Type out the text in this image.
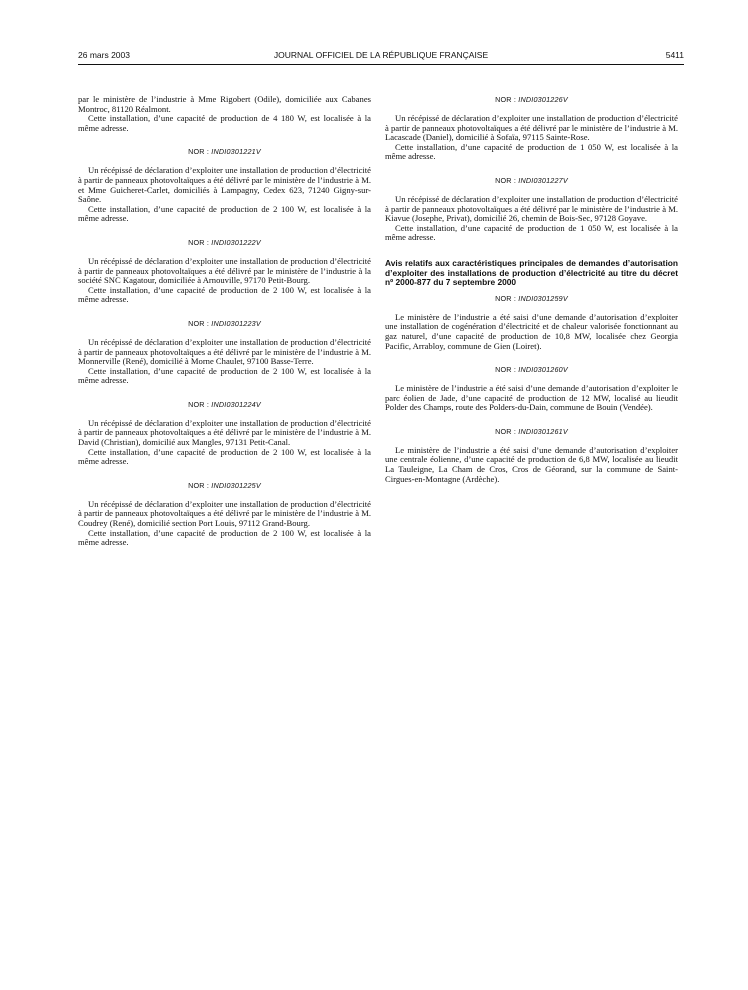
26 mars 2003	JOURNAL OFFICIEL DE LA RÉPUBLIQUE FRANÇAISE	5411

par le ministère de l’industrie à Mme Rigobert (Odile), domiciliée aux Cabanes Montroc, 81120 Réalmont.

Cette installation, d’une capacité de production de 4 180 W, est localisée à la même adresse.

NOR : INDI0301221V

Un récépissé de déclaration d’exploiter une installation de production d’électricité à partir de panneaux photovoltaïques a été délivré par le ministère de l’industrie à M. et Mme Guicheret-Carlet, domiciliés à Lampagny, Cedex 623, 71240 Gigny-sur-Saône.

Cette installation, d’une capacité de production de 2 100 W, est localisée à la même adresse.

NOR : INDI0301222V

Un récépissé de déclaration d’exploiter une installation de production d’électricité à partir de panneaux photovoltaïques a été délivré par le ministère de l’industrie à la société SNC Kagatour, domiciliée à Arnouville, 97170 Petit-Bourg.

Cette installation, d’une capacité de production de 2 100 W, est localisée à la même adresse.

NOR : INDI0301223V

Un récépissé de déclaration d’exploiter une installation de production d’électricité à partir de panneaux photovoltaïques a été délivré par le ministère de l’industrie à M. Monnerville (René), domicilié à Morne Chaulet, 97100 Basse-Terre.

Cette installation, d’une capacité de production de 2 100 W, est localisée à la même adresse.

NOR : INDI0301224V

Un récépissé de déclaration d’exploiter une installation de production d’électricité à partir de panneaux photovoltaïques a été délivré par le ministère de l’industrie à M. David (Christian), domicilié aux Mangles, 97131 Petit-Canal.

Cette installation, d’une capacité de production de 2 100 W, est localisée à la même adresse.

NOR : INDI0301225V

Un récépissé de déclaration d’exploiter une installation de production d’électricité à partir de panneaux photovoltaïques a été délivré par le ministère de l’industrie à M. Coudrey (René), domicilié section Port Louis, 97112 Grand-Bourg.

Cette installation, d’une capacité de production de 2 100 W, est localisée à la même adresse.

NOR : INDI0301226V

Un récépissé de déclaration d’exploiter une installation de production d’électricité à partir de panneaux photovoltaïques a été délivré par le ministère de l’industrie à M. Lacascade (Daniel), domicilié à Sofaïa, 97115 Sainte-Rose.

Cette installation, d’une capacité de production de 1 050 W, est localisée à la même adresse.

NOR : INDI0301227V

Un récépissé de déclaration d’exploiter une installation de production d’électricité à partir de panneaux photovoltaïques a été délivré par le ministère de l’industrie à M. Kiavue (Josephe, Privat), domicilié 26, chemin de Bois-Sec, 97128 Goyave.

Cette installation, d’une capacité de production de 1 050 W, est localisée à la même adresse.

Avis relatifs aux caractéristiques principales de demandes d’autorisation d’exploiter des installations de production d’électricité au titre du décret nº 2000-877 du 7 septembre 2000
NOR : INDI0301259V

Le ministère de l’industrie a été saisi d’une demande d’autorisation d’exploiter une installation de cogénération d’électricité et de chaleur valorisée fonctionnant au gaz naturel, d’une capacité de production de 10,8 MW, localisée chez Georgia Pacific, Arrabloy, commune de Gien (Loiret).

NOR : INDI0301260V

Le ministère de l’industrie a été saisi d’une demande d’autorisation d’exploiter le parc éolien de Jade, d’une capacité de production de 12 MW, localisé au lieudit Polder des Champs, route des Polders-du-Dain, commune de Bouin (Vendée).

NOR : INDI0301261V

Le ministère de l’industrie a été saisi d’une demande d’autorisation d’exploiter une centrale éolienne, d’une capacité de production de 6,8 MW, localisée au lieudit La Tauleigne, La Cham de Cros, Cros de Géorand, sur la commune de Saint-Cirgues-en-Montagne (Ardèche).
